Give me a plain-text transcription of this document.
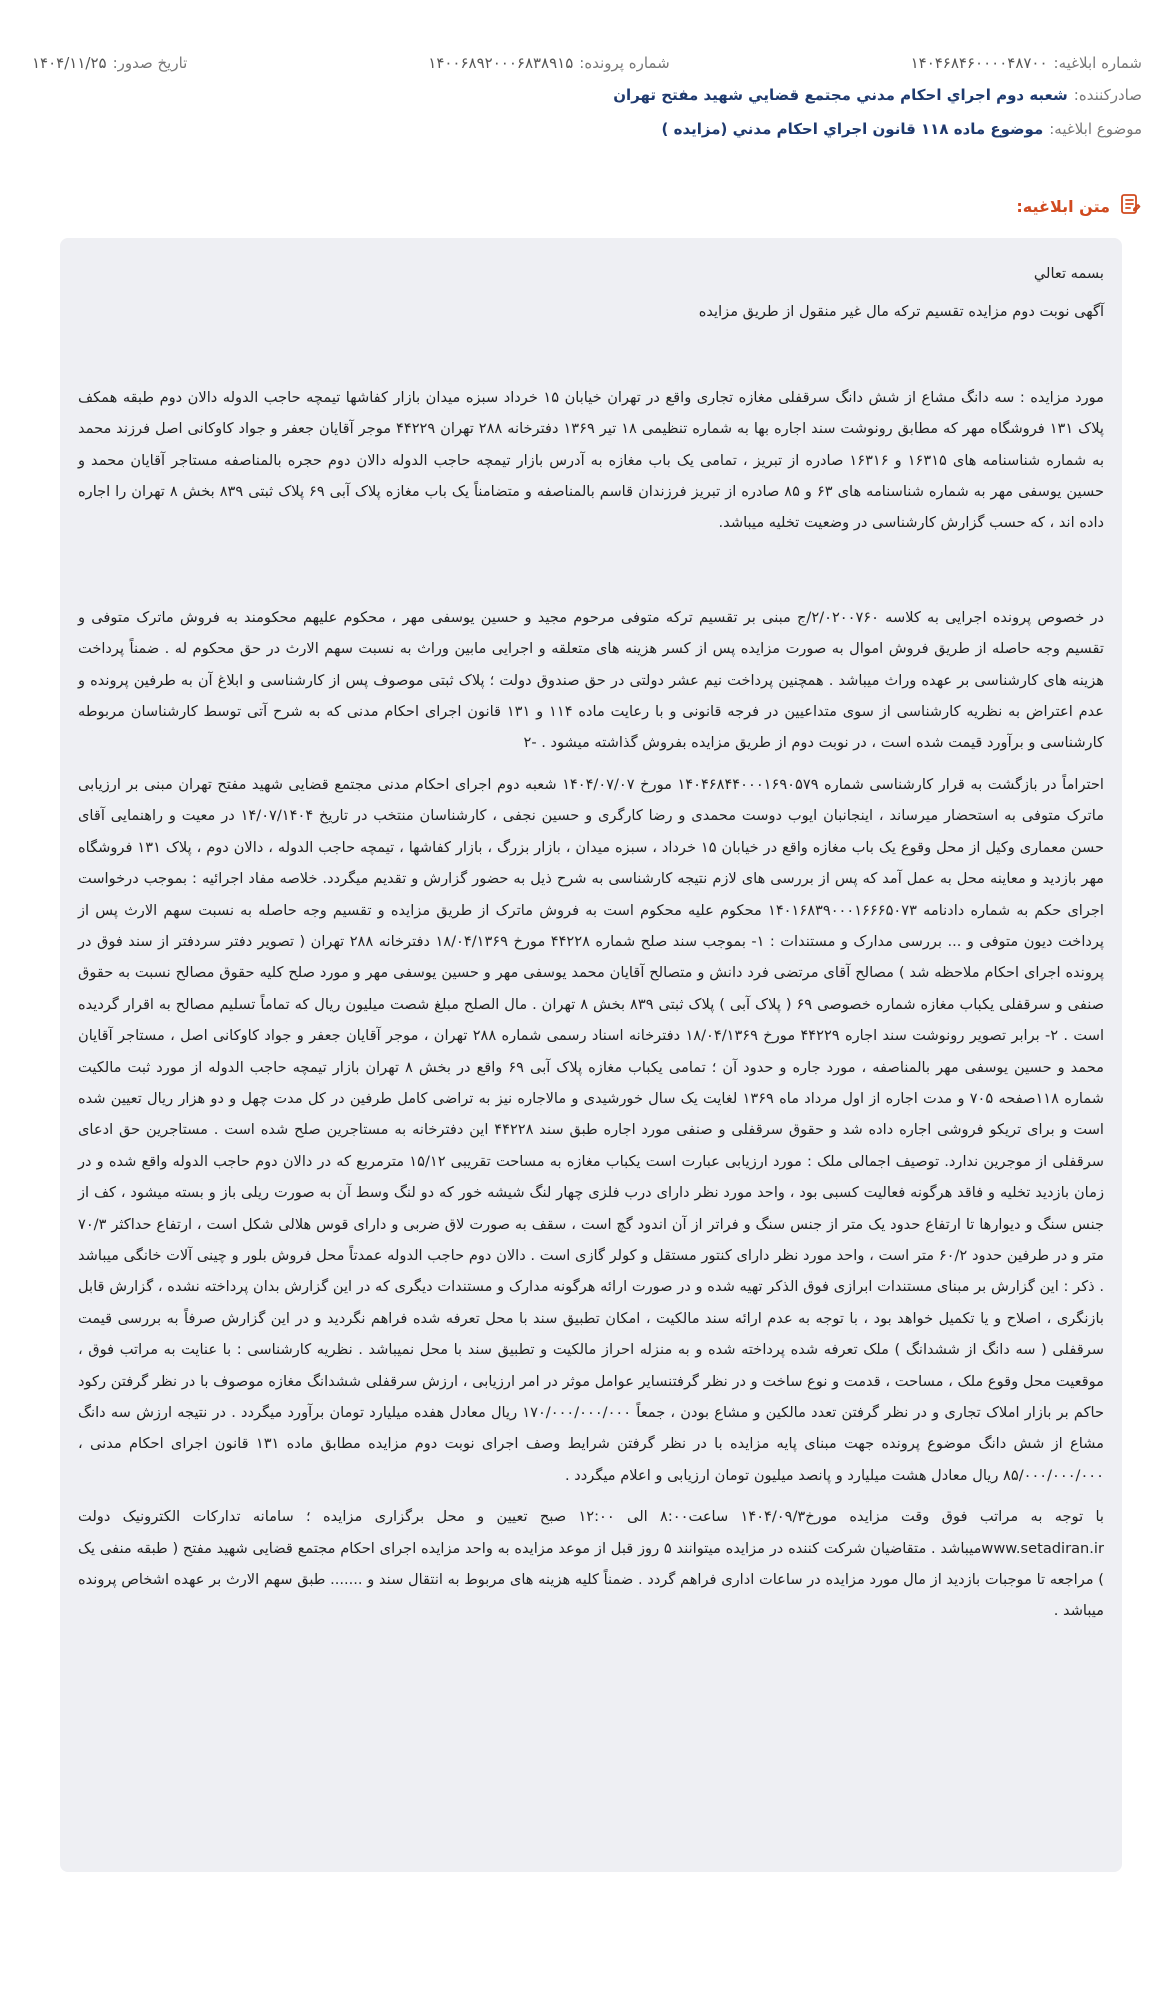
شماره ابلاغیه:۱۴۰۴۶۸۴۶۰۰۰۰۴۸۷۰۰
شماره پرونده:۱۴۰۰۶۸۹۲۰۰۰۶۸۳۸۹۱۵
تاریخ صدور:۱۴۰۴/۱۱/۲۵
صادرکننده:
شعبه دوم اجراي احكام مدني مجتمع قضايي شهيد مفتح تهران
موضوع ابلاغیه:
موضوع ماده ۱۱۸ قانون اجراي احكام مدني (مزايده )
متن ابلاغیه:

بسمه تعالي

آگهی نوبت دوم مزایده تقسیم ترکه مال غیر منقول از طریق مزایده

مورد مزایده : سه دانگ مشاع از شش دانگ سرقفلی مغازه تجاری واقع در تهران خیابان ۱۵ خرداد سبزه میدان بازار کفاشها تیمچه حاجب الدوله دالان دوم طبقه همکف پلاک ۱۳۱ فروشگاه مهر که مطابق رونوشت سند اجاره بها به شماره تنظیمی ۱۸ تیر ۱۳۶۹ دفترخانه ۲۸۸ تهران ۴۴۲۲۹ موجر آقایان جعفر و جواد کاوکانی اصل فرزند محمد به شماره شناسنامه های ۱۶۳۱۵ و ۱۶۳۱۶ صادره از تبریز ، تمامی یک باب مغازه به آدرس بازار تیمچه حاجب الدوله دالان دوم حجره بالمناصفه مستاجر آقایان محمد و حسین یوسفی مهر به شماره شناسنامه های ۶۳ و ۸۵ صادره از تبریز فرزندان قاسم بالمناصفه و متضامناً یک باب مغازه پلاک آبی ۶۹ پلاک ثبتی ۸۳۹ بخش ۸ تهران را اجاره داده اند ، که حسب گزارش کارشناسی در وضعیت تخلیه میباشد.

در خصوص پرونده اجرایی به کلاسه ۲/۰۲۰۰۷۶۰/ج مبنی بر تقسیم ترکه متوفی مرحوم مجید و حسین یوسفی مهر ، محکوم علیهم محکومند به فروش ماترک متوفی و تقسیم وجه حاصله از طریق فروش اموال به صورت مزایده پس از کسر هزینه های متعلقه و اجرایی مابین وراث به نسبت سهم الارث در حق محکوم له . ضمناً پرداخت هزینه های کارشناسی بر عهده وراث میباشد . همچنین پرداخت نیم عشر دولتی در حق صندوق دولت ؛ پلاک ثبتی موصوف پس از کارشناسی و ابلاغ آن به طرفین پرونده و عدم اعتراض به نظریه کارشناسی از سوی متداعیین در فرجه قانونی و با رعایت ماده ۱۱۴ و ۱۳۱ قانون اجرای احکام مدنی که به شرح آتی توسط کارشناسان مربوطه کارشناسی و برآورد قیمت شده است ، در نوبت دوم از طریق مزایده بفروش گذاشته میشود . -۲

احتراماً در بازگشت به قرار کارشناسی شماره ۱۴۰۴۶۸۴۴۰۰۰۱۶۹۰۵۷۹ مورخ ۱۴۰۴/۰۷/۰۷ شعبه دوم اجرای احکام مدنی مجتمع قضایی شهید مفتح تهران مبنی بر ارزیابی ماترک متوفی به استحضار میرساند ، اینجانبان ایوب دوست محمدی و رضا کارگری و حسین نجفی ، کارشناسان منتخب در تاریخ ۱۴/۰۷/۱۴۰۴ در معیت و راهنمایی آقای حسن معماری وکیل از محل وقوع یک باب مغازه واقع در خیابان ۱۵ خرداد ، سبزه میدان ، بازار بزرگ ، بازار کفاشها ، تیمچه حاجب الدوله ، دالان دوم ، پلاک ۱۳۱ فروشگاه مهر بازدید و معاینه محل به عمل آمد که پس از بررسی های لازم نتیجه کارشناسی به شرح ذیل به حضور گزارش و تقدیم میگردد. خلاصه مفاد اجرائیه : بموجب درخواست اجرای حکم به شماره دادنامه ۱۴۰۱۶۸۳۹۰۰۰۱۶۶۶۵۰۷۳ محکوم علیه محکوم است به فروش ماترک از طریق مزایده و تقسیم وجه حاصله به نسبت سهم الارث پس از پرداخت دیون متوفی و ... بررسی مدارک و مستندات : ۱- بموجب سند صلح شماره ۴۴۲۲۸ مورخ ۱۸/۰۴/۱۳۶۹ دفترخانه ۲۸۸ تهران ( تصویر دفتر سردفتر از سند فوق در پرونده اجرای احکام ملاحظه شد ) مصالح آقای مرتضی فرد دانش و متصالح آقایان محمد یوسفی مهر و حسین یوسفی مهر و مورد صلح کلیه حقوق مصالح نسبت به حقوق صنفی و سرقفلی یکباب مغازه شماره خصوصی ۶۹ ( پلاک آبی ) پلاک ثبتی ۸۳۹ بخش ۸ تهران . مال الصلح مبلغ شصت میلیون ریال که تماماً تسلیم مصالح به اقرار گردیده است . ۲- برابر تصویر رونوشت سند اجاره ۴۴۲۲۹ مورخ ۱۸/۰۴/۱۳۶۹ دفترخانه اسناد رسمی شماره ۲۸۸ تهران ، موجر آقایان جعفر و جواد کاوکانی اصل ، مستاجر آقایان محمد و حسین یوسفی مهر بالمناصفه ، مورد جاره و حدود آن ؛ تمامی یکباب مغازه پلاک آبی ۶۹ واقع در بخش ۸ تهران بازار تیمچه حاجب الدوله از مورد ثبت مالکیت شماره ۱۱۸صفحه ۷۰۵ و مدت اجاره از اول مرداد ماه ۱۳۶۹ لغایت یک سال خورشیدی و مالاجاره نیز به تراضی کامل طرفین در کل مدت چهل و دو هزار ریال تعیین شده است و برای تریکو فروشی اجاره داده شد و حقوق سرقفلی و صنفی مورد اجاره طبق سند ۴۴۲۲۸ این دفترخانه به مستاجرین صلح شده است . مستاجرین حق ادعای سرقفلی از موجرین ندارد. توصیف اجمالی ملک : مورد ارزیابی عبارت است یکباب مغازه به مساحت تقریبی ۱۵/۱۲ مترمربع که در دالان دوم حاجب الدوله واقع شده و در زمان بازدید تخلیه و فاقد هرگونه فعالیت کسبی بود ، واحد مورد نظر دارای درب فلزی چهار لنگ شیشه خور که دو لنگ وسط آن به صورت ریلی باز و بسته میشود ، کف از جنس سنگ و دیوارها تا ارتفاع حدود یک متر از جنس سنگ و فراتر از آن اندود گچ است ، سقف به صورت لاق ضربی و دارای قوس هلالی شکل است ، ارتفاع حداکثر ۷۰/۳ متر و در طرفین حدود ۶۰/۲ متر است ، واحد مورد نظر دارای کنتور مستقل و کولر گازی است . دالان دوم حاجب الدوله عمدتاً محل فروش بلور و چینی آلات خانگی میباشد . ذکر : این گزارش بر مبنای مستندات ابرازی فوق الذکر تهیه شده و در صورت ارائه هرگونه مدارک و مستندات دیگری که در این گزارش بدان پرداخته نشده ، گزارش قابل بازنگری ، اصلاح و یا تکمیل خواهد بود ، با توجه به عدم ارائه سند مالکیت ، امکان تطبیق سند با محل تعرفه شده فراهم نگردید و در این گزارش صرفاً به بررسی قیمت سرقفلی ( سه دانگ از ششدانگ ) ملک تعرفه شده پرداخته شده و به منزله احراز مالکیت و تطبیق سند با محل نمیباشد . نظریه کارشناسی : با عنایت به مراتب فوق ، موقعیت محل وقوع ملک ، مساحت ، قدمت و نوع ساخت و در نظر گرفتنسایر عوامل موثر در امر ارزیابی ، ارزش سرقفلی ششدانگ مغازه موصوف با در نظر گرفتن رکود حاکم بر بازار املاک تجاری و در نظر گرفتن تعدد مالکین و مشاع بودن ، جمعاً ۱۷۰/۰۰۰/۰۰۰/۰۰۰ ریال معادل هفده میلیارد تومان برآورد میگردد . در نتیجه ارزش سه دانگ مشاع از شش دانگ موضوع پرونده جهت مبنای پایه مزایده با در نظر گرفتن شرایط وصف اجرای نوبت دوم مزایده مطابق ماده ۱۳۱ قانون اجرای احکام مدنی ، ۸۵/۰۰۰/۰۰۰/۰۰۰ ریال معادل هشت میلیارد و پانصد میلیون تومان ارزیابی و اعلام میگردد .

با توجه به مراتب فوق وقت مزایده مورخ۱۴۰۴/۰۹/۳ ساعت۸:۰۰ الی ۱۲:۰۰ صبح تعیین و محل برگزاری مزایده ؛ سامانه تدارکات الکترونیک دولت www.setadiran.irمیباشد . متقاضیان شرکت کننده در مزایده میتوانند ۵ روز قبل از موعد مزایده به واحد مزایده اجرای احکام مجتمع قضایی شهید مفتح ( طبقه منفی یک ) مراجعه تا موجبات بازدید از مال مورد مزایده در ساعات اداری فراهم گردد . ضمناً کلیه هزینه های مربوط به انتقال سند و ....... طبق سهم الارث بر عهده اشخاص پرونده میباشد .
